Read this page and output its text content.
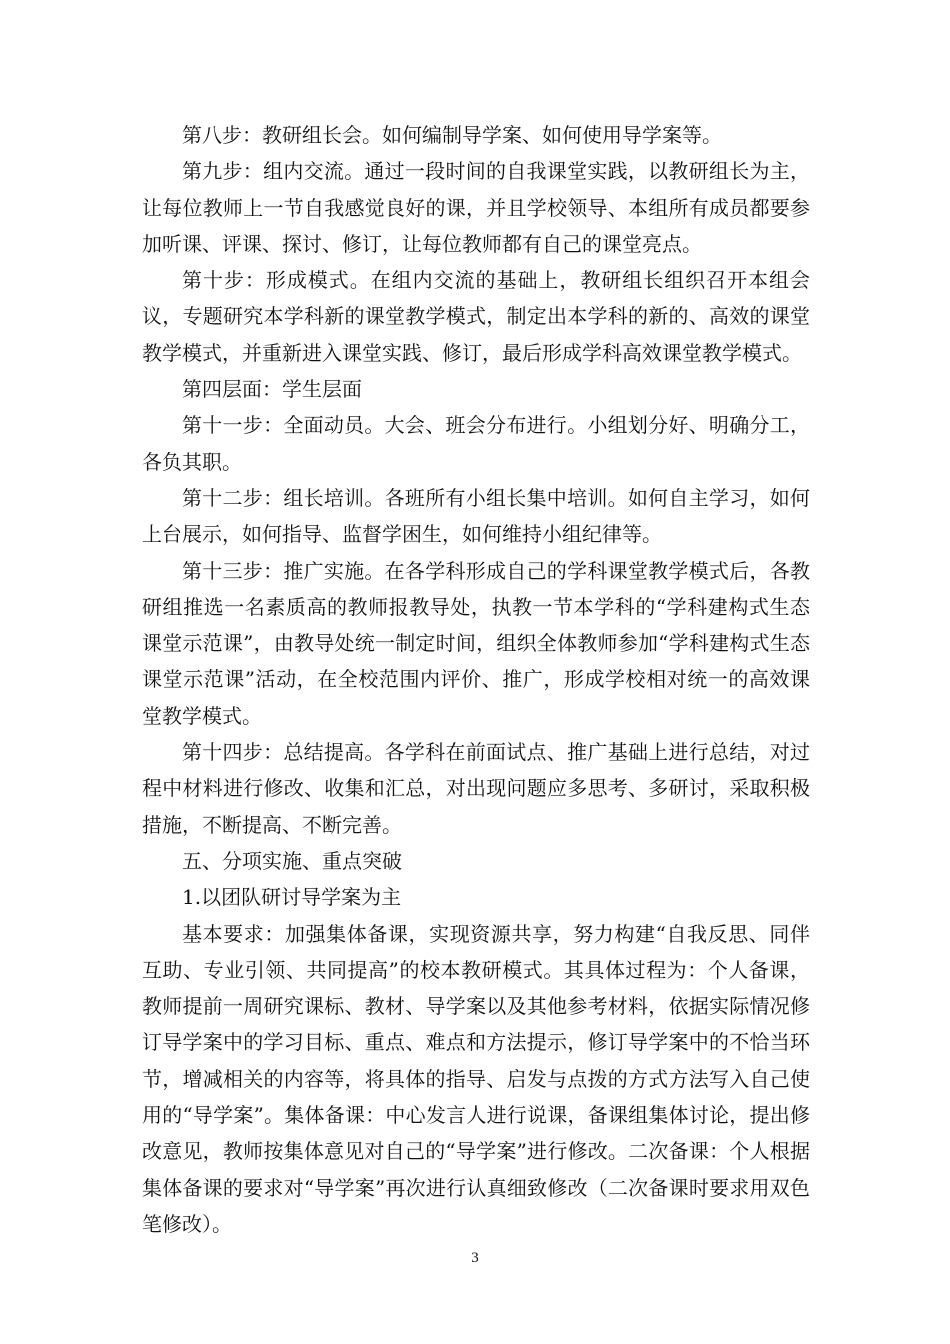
第八步：教研组长会。如何编制导学案、如何使用导学案等。

第九步：组内交流。通过一段时间的自我课堂实践，以教研组长为主，让每位教师上一节自我感觉良好的课，并且学校领导、本组所有成员都要参加听课、评课、探讨、修订，让每位教师都有自己的课堂亮点。

第十步：形成模式。在组内交流的基础上，教研组长组织召开本组会议，专题研究本学科新的课堂教学模式，制定出本学科的新的、高效的课堂教学模式，并重新进入课堂实践、修订，最后形成学科高效课堂教学模式。

第四层面：学生层面

第十一步：全面动员。大会、班会分布进行。小组划分好、明确分工，各负其职。

第十二步：组长培训。各班所有小组长集中培训。如何自主学习，如何上台展示，如何指导、监督学困生，如何维持小组纪律等。

第十三步：推广实施。在各学科形成自己的学科课堂教学模式后，各教研组推选一名素质高的教师报教导处，执教一节本学科的“学科建构式生态课堂示范课”，由教导处统一制定时间，组织全体教师参加“学科建构式生态课堂示范课”活动，在全校范围内评价、推广，形成学校相对统一的高效课堂教学模式。

第十四步：总结提高。各学科在前面试点、推广基础上进行总结，对过程中材料进行修改、收集和汇总，对出现问题应多思考、多研讨，采取积极措施，不断提高、不断完善。

五、分项实施、重点突破

1.以团队研讨导学案为主

基本要求：加强集体备课，实现资源共享，努力构建“自我反思、同伴互助、专业引领、共同提高”的校本教研模式。其具体过程为：个人备课，教师提前一周研究课标、教材、导学案以及其他参考材料，依据实际情况修订导学案中的学习目标、重点、难点和方法提示，修订导学案中的不恰当环节，增减相关的内容等，将具体的指导、启发与点拨的方式方法写入自己使用的“导学案”。集体备课：中心发言人进行说课，备课组集体讨论，提出修改意见，教师按集体意见对自己的“导学案”进行修改。二次备课：个人根据集体备课的要求对“导学案”再次进行认真细致修改（二次备课时要求用双色笔修改）。

3
